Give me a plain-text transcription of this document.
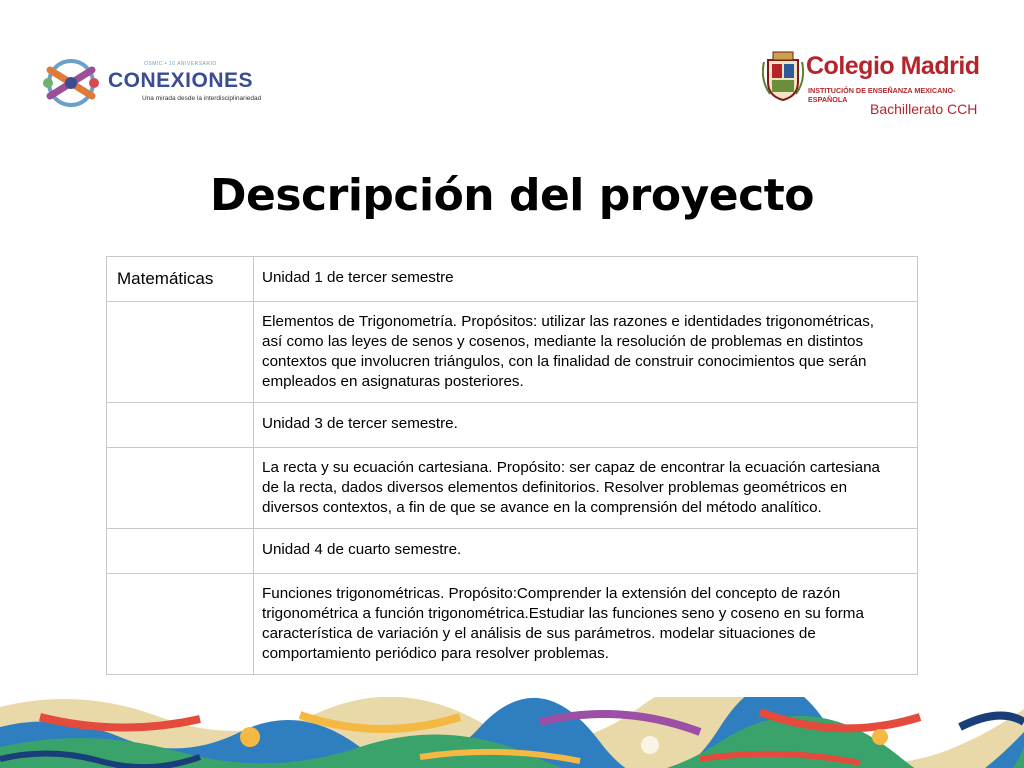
OSMIC • 10 ANIVERSARIO
CONEXIONES
Una mirada desde la interdisciplinariedad
Colegio Madrid
INSTITUCIÓN DE ENSEÑANZA MEXICANO-ESPAÑOLA
Bachillerato CCH
Descripción del proyecto
Matemáticas	Unidad 1 de tercer semestre

	Elementos de Trigonometría. Propósitos: utilizar las razones e identidades trigonométricas, así como las leyes de senos y cosenos, mediante la resolución de problemas en distintos contextos que involucren triángulos, con la finalidad de construir conocimientos que serán empleados en asignaturas posteriores.

	Unidad 3 de tercer semestre.

	La recta y su ecuación cartesiana. Propósito: ser capaz de encontrar la ecuación cartesiana de la recta, dados diversos elementos definitorios. Resolver problemas geométricos en diversos contextos, a fin de que se avance en la comprensión del método analítico.

	Unidad 4 de cuarto semestre.

	Funciones trigonométricas. Propósito:Comprender la extensión del concepto de razón trigonométrica a función trigonométrica.Estudiar las funciones seno y coseno en su forma característica de variación y el análisis de sus parámetros. modelar situaciones de comportamiento periódico para resolver problemas.
